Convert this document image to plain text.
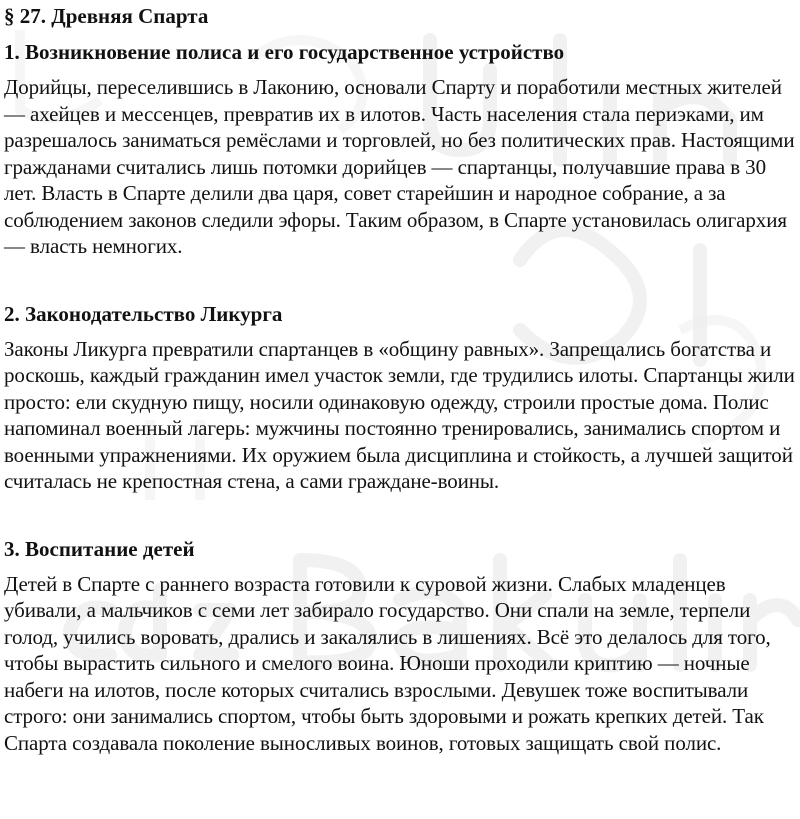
§ 27. Древняя Спарта
1. Возникновение полиса и его государственное устройство

Дорийцы, переселившись в Лаконию, основали Спарту и поработили местных жителей — ахейцев и мессенцев, превратив их в илотов. Часть населения стала периэками, им разрешалось заниматься ремёслами и торговлей, но без политических прав. Настоящими гражданами считались лишь потомки дорийцев — спартанцы, получавшие права в 30 лет. Власть в Спарте делили два царя, совет старейшин и народное собрание, а за соблюдением законов следили эфоры. Таким образом, в Спарте установилась олигархия — власть немногих.

2. Законодательство Ликурга

Законы Ликурга превратили спартанцев в «общину равных». Запрещались богатства и роскошь, каждый гражданин имел участок земли, где трудились илоты. Спартанцы жили просто: ели скудную пищу, носили одинаковую одежду, строили простые дома. Полис напоминал военный лагерь: мужчины постоянно тренировались, занимались спортом и военными упражнениями. Их оружием была дисциплина и стойкость, а лучшей защитой считалась не крепостная стена, а сами граждане-воины.

3. Воспитание детей

Детей в Спарте с раннего возраста готовили к суровой жизни. Слабых младенцев убивали, а мальчиков с семи лет забирало государство. Они спали на земле, терпели голод, учились воровать, дрались и закалялись в лишениях. Всё это делалось для того, чтобы вырастить сильного и смелого воина. Юноши проходили криптию — ночные набеги на илотов, после которых считались взрослыми. Девушек тоже воспитывали строго: они занимались спортом, чтобы быть здоровыми и рожать крепких детей. Так Спарта создавала поколение выносливых воинов, готовых защищать свой полис.
